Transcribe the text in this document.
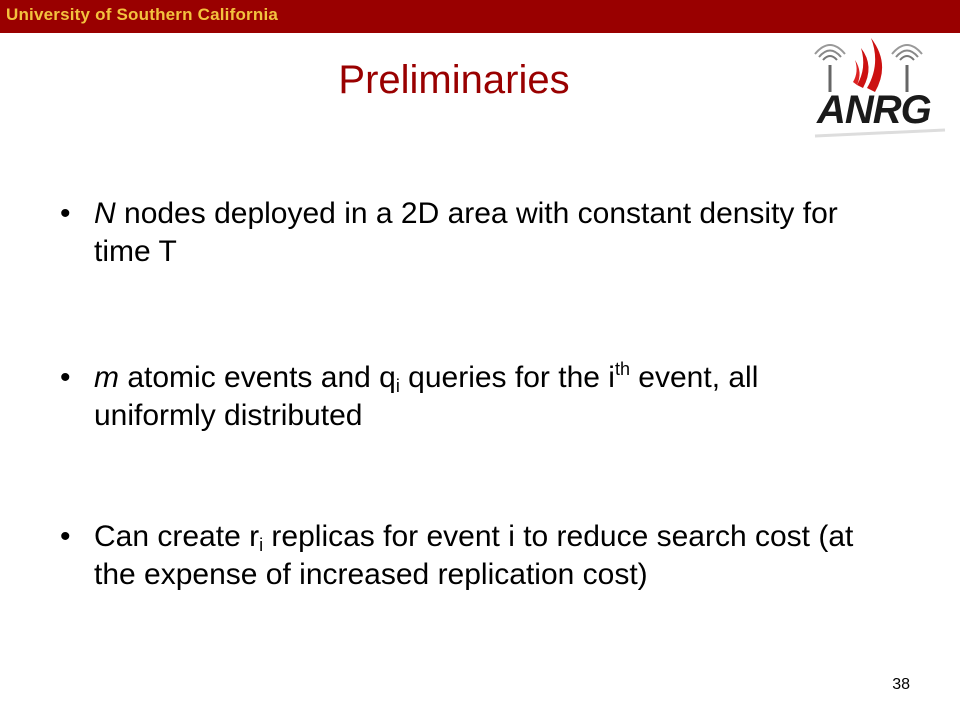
University of Southern California
Preliminaries
ANRG
• N nodes deployed in a 2D area with constant density for time T
• m atomic events and $q_i$ queries for the $i^{th}$ event, all uniformly distributed
• Can create $r_i$ replicas for event i to reduce search cost (at the expense of increased replication cost)
38
